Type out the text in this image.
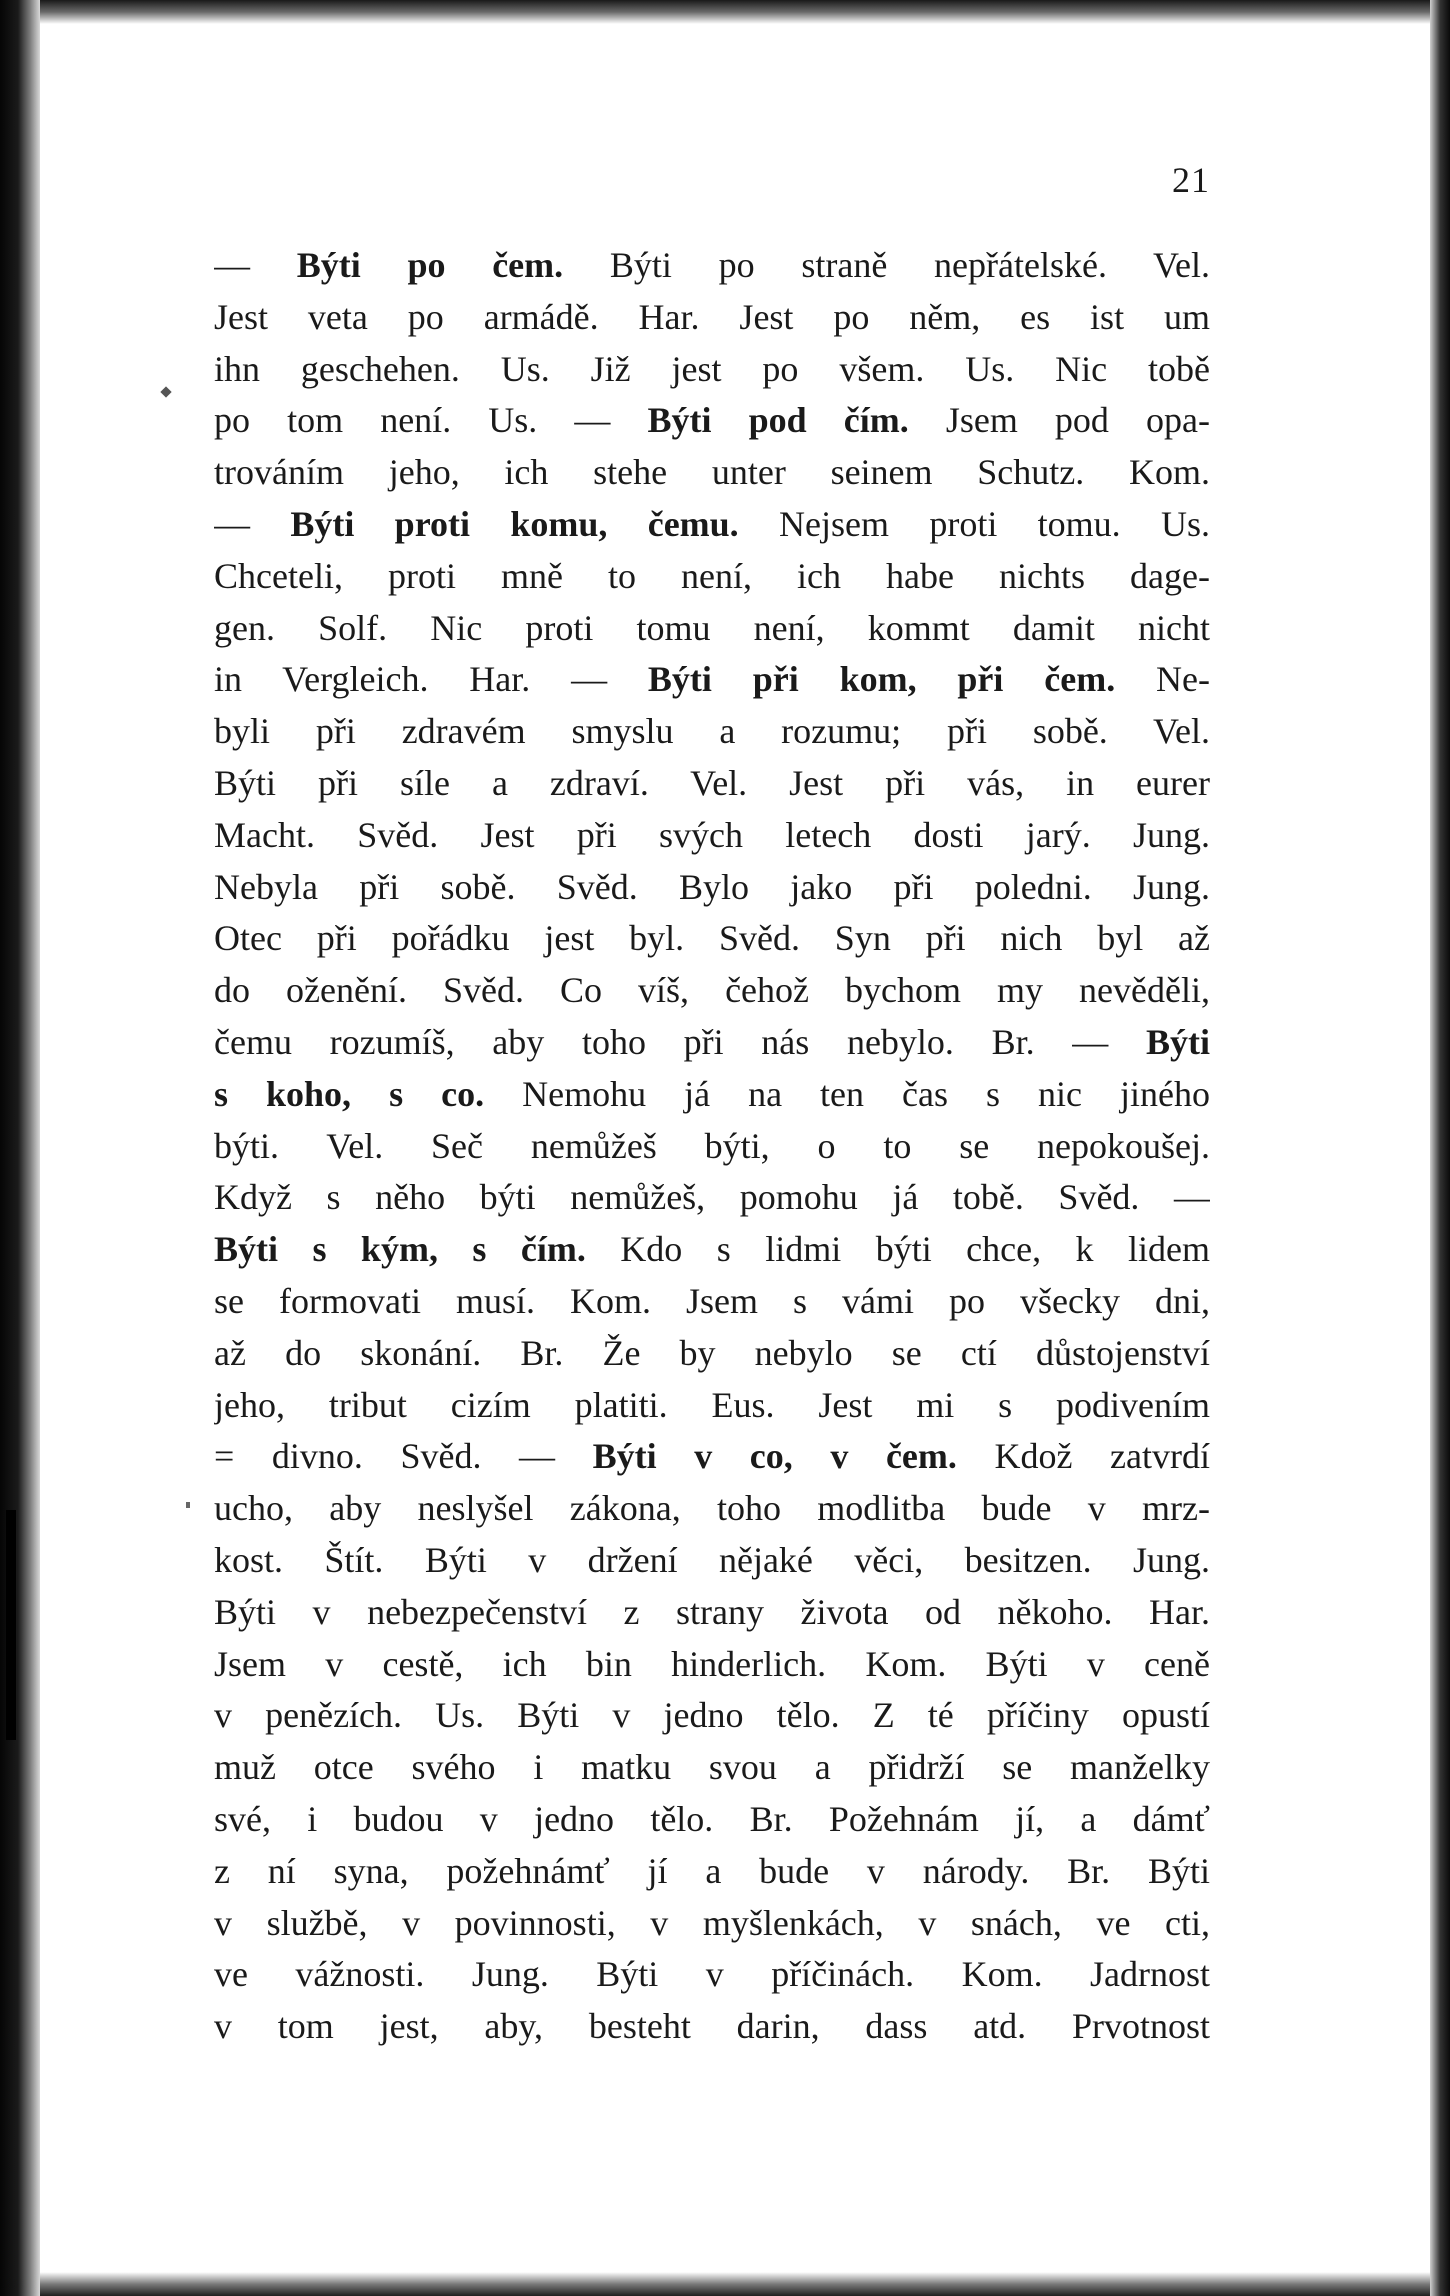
21
— Býti po čem. Býti po straně nepřátelské. Vel.
Jest veta po armádě. Har. Jest po něm, es ist um
ihn geschehen. Us. Již jest po všem. Us. Nic tobě
po tom není. Us. — Býti pod čím. Jsem pod opa-
trováním jeho, ich stehe unter seinem Schutz. Kom.
— Býti proti komu, čemu. Nejsem proti tomu. Us.
Chceteli, proti mně to není, ich habe nichts dage-
gen. Solf. Nic proti tomu není, kommt damit nicht
in Vergleich. Har. — Býti při kom, při čem. Ne-
byli při zdravém smyslu a rozumu; při sobě. Vel.
Býti při síle a zdraví. Vel. Jest při vás, in eurer
Macht. Svěd. Jest při svých letech dosti jarý. Jung.
Nebyla při sobě. Svěd. Bylo jako při poledni. Jung.
Otec při pořádku jest byl. Svěd. Syn při nich byl až
do oženění. Svěd. Co víš, čehož bychom my nevěděli,
čemu rozumíš, aby toho při nás nebylo. Br. — Býti
s koho, s co. Nemohu já na ten čas s nic jiného
býti. Vel. Seč nemůžeš býti, o to se nepokoušej.
Když s něho býti nemůžeš, pomohu já tobě. Svěd. —
Býti s kým, s čím. Kdo s lidmi býti chce, k lidem
se formovati musí. Kom. Jsem s vámi po všecky dni,
až do skonání. Br. Že by nebylo se ctí důstojenství
jeho, tribut cizím platiti. Eus. Jest mi s podivením
= divno. Svěd. — Býti v co, v čem. Kdož zatvrdí
ucho, aby neslyšel zákona, toho modlitba bude v mrz-
kost. Štít. Býti v držení nějaké věci, besitzen. Jung.
Býti v nebezpečenství z strany života od někoho. Har.
Jsem v cestě, ich bin hinderlich. Kom. Býti v ceně
v penězích. Us. Býti v jedno tělo. Z té příčiny opustí
muž otce svého i matku svou a přidrží se manželky
své, i budou v jedno tělo. Br. Požehnám jí, a dámť
z ní syna, požehnámť jí a bude v národy. Br. Býti
v službě, v povinnosti, v myšlenkách, v snách, ve cti,
ve vážnosti. Jung. Býti v příčinách. Kom. Jadrnost
v tom jest, aby, besteht darin, dass atd. Prvotnost
